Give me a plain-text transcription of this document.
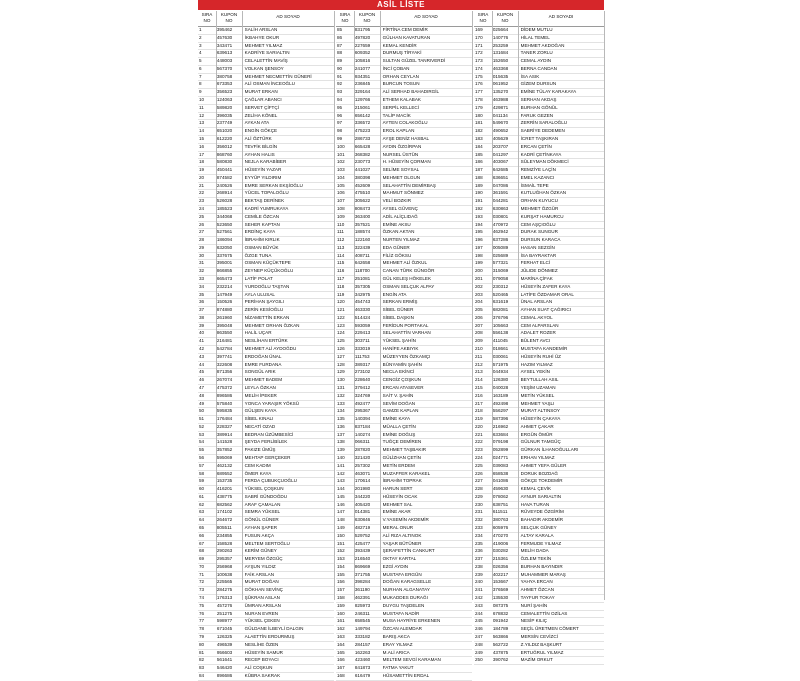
ASİL LİSTE
SIRA
NO
KUPON
NO
AD SOYAD
1	395462	SALİH ARSLAN
2	457630	İKBAHYE OKUR
3	343471	MEHMET YILMAZ
4	639613	KADRİYE SARIALTIN
5	448003	CELALETTİN MAVİŞ
6	567370	VOLKAN ŞENSOY
7	380758	MEHMET NECMETTİN GÜNERİ
8	673353	ALİ OSMAN İNCEOĞLU
9	356523	MURAT ERKAN
10	124063	ÇAĞLAR ABANCI
11	589820	SERVET ÇİFTÇİ
12	396035	ZELİHA KÖNEL
13	237749	AYKAN ATA
14	651020	ENGİN GÖKÇE
15	612220	ALİ ÖZTÜRK
16	356012	TEVFİK BİLGİN
17	868760	AYHAN HALIS
18	580830	NEJLA KARABİBER
19	450441	HÜSEYİN YAZAR
20	874582	EYYÜP YILDIRIM
21	240526	EMRE SERKAN EKŞİOĞLU
22	268914	YÜCEL TOPALOĞLU
23	526028	BEKTAŞ DERİNEK
24	185523	KADRİ YUMRUKAYA
25	344068	CEMİLE ÖZCAN
26	523650	SEHER KAPTAN
27	527561	ERDİNÇ KAYA
28	186094	İBRAHİM KIRLIK
29	632050	OSMAN BÜYÜK
30	337675	ÖZGE TUNA
31	395001	OSMAN KÜÇÜKTEPE
32	866855	ZEYNEP KÜÇÜKOĞLU
33	665473	LATİF POLAT
34	232214	YURDOĞLU TAŞTAN
35	147949	AYLA ULUSAL
36	150526	PERİHAN ŞAYGILI
37	874880	ZERİN KESİOĞLU
38	261960	NİZAMETTİN ERKAN
39	395048	MEHMET ORHAN ÖZKAN
40	863550	HALİL UÇAR
41	216481	NESLİHAN ERTÜRK
42	542784	MEHMET ALİ AYDOĞDU
43	397741	ERDOĞAN ÜNAL
44	322608	EMRE FURDANA
45	871356	SONGÜL ARIK
46	267074	MEHMET BADEM
47	475372	LEYLA ÖZKAN
48	896586	MELİH İPEKER
49	575840	YONCA YARAŞIR YÖKSÜ
50	595835	GÜLŞEN KAYA
51	176484	SİBEL KINALI
52	228327	NECATİ OZAD
53	389914	BEDRAN ÜZÜMBESİCİ
54	141528	ŞEYDA FERLİBİLEK
55	357852	PAKIZE ÜMÜŞ
56	595069	MEHTAP GERÇEKER
57	462132	CEM KADIM
58	689552	ÖMER KAYA
59	153735	FERDA ÇUBUKÇUOĞLU
60	416201	YÜKSEL ÇOŞKUN
61	438775	SABRİ GÜNDOĞDU
62	682562	ARAF ÇAMALAN
63	174102	SEMRA YÜKSEL
64	264672	GÖNÜL GÜNER
65	805511	AYHAN ŞAPER
66	234855	FUSUN AKÇA
67	158528	MELTEM SERTOĞLU
68	290263	KERİM GÜNEY
69	295357	MERYEM ÖZGÜÇ
70	256968	AYŞUN YILDIZ
71	100638	FAİK ARSLAN
72	225565	MURAT DOĞAN
73	284275	GÖKHAN SEVİNÇ
74	176313	ŞÜKRAN ASLAN
75	457276	ÜMRAN ARSLAN
76	251275	NURAN EVREN
77	598977	YÜKSEL ÇEKEN
78	671045	GÜLDANE İLBEYLİ DALGIN
79	126325	ALAETTİN ERDURMUŞ
80	496539	NESLİHE ÖZEN
81	956603	HÜSEYİN SAMUR
82	561641	RECEP BOYACI
83	546420	ALİ COŞKUN
84	896686	KÜBRA SAKRAK
SIRA
NO
KUPON
NO
AD SOYAD
85	831795	FİRTİNA CEM DEMİR
86	497820	GÜLHAN KAVATURAN
87	227659	KEMAL KENDİR
88	609352	DURMUŞ TİRYAKİ
89	105816	SULTAN GÜZEL TANRIVERDİ
90	241077	İNCİ ÇOBAN
91	934351	ORHAN CEYLAN
92	236845	BURCUN TOSUN
93	329164	ALİ SERHAD BAHADIRGİL
94	129766	ETHEM KALABAK
95	215061	SERPİL KELLECİ
96	656142	TALİP MACİK
97	336572	AYTEN COLAKOĞLU
98	475223	EROL KAPLAN
99	286733	AYŞE DENİZ HASBAL
100	665428	AYDIN ÖZGİRPAN
101	368382	NURSEL ÜSTÜN
102	230773	H. HÜSEYİN ÇORMAN
103	441027	SELİME SOYSAL
104	380398	MEHMET OLGUN
105	452609	SELAHATTİN DEMİRBAŞ
106	475510	MAHMUT SÖNMEZ
107	305622	VELİ BOZKIR
108	808473	AYSEL GÜVENÇ
109	363400	ADİL ALİÇLIDAĞ
110	357521	EMİNE AKSU
111	188574	ÖZKAN AKTAN
112	122160	NURTEN YILMAZ
113	322439	EDA GÜNER
114	408711	FİLİZ GÖKSU
115	642658	MEHMET ALİ ÖZKUL
116	118700	CANAN TÜRK GÜNGÖR
117	251081	GÜL KELEŞ HÖKELEK
118	357305	OSMAN SELÇUK ALPAY
119	342975	ENGİN ATA
120	454743	SERKAN ERMİŞ
121	463330	SİBEL GÜNER
122	514424	SİBEL DAŞKIN
123	593059	FERİDUN PORTAKAL
124	229413	SELAHATTİN VARHAN
125	303711	YÜKSEL ŞAHİN
126	333019	HANİFE AKBIYIK
127	111753	MÜZEYYEN ÖZKAMÇI
128	389317	BÜNYAMİN ŞAHİN
129	273102	NECLA EKİNCİ
130	228640	CENGİZ ÇOŞKUN
131	379412	ERCAN ATASEVER
132	324769	SAİT V. ŞAHİN
133	492477	SEVİM DOĞAN
134	295367	GAMZE KAPLAN
135	140394	EMİNE KAYA
136	837184	MÜALLA ÇETİN
137	140274	EMİNE DOĞUŞ
138	066311	TUĞÇE DEMİREN
139	287820	MEHMET TAŞBAKIR
140	321420	GÜLİZHAN ÇETİN
141	257302	METİN ERDEM
142	463071	MUZAFFER KARAKEL
143	170614	İBRAHİM TOPRAK
144	201980	HARUN SERT
145	344220	HÜSEYİN OCAK
146	405420	MEHMET SAL
147	014381	EMİNE AKAR
148	630846	V.YASEMİN AKDEMİR
149	482719	MERAL ONUR
150	529752	ALİ RIZA ALTINOK
151	425477	YAŞAR BÜTÜNER
152	393439	ŞERAFETTİN CANKURT
153	216540	OKTAY KARTAL
154	869669	EZGİ AYDIN
155	371755	MUSTAFA ERGÜN
156	398284	DOĞAN KARAGSELLE
157	361190	NURHAN ALGANATAY
158	462391	MUKADDES DURAĞI
159	825973	DUYGU TAŞDELEN
160	246311	MUSTAFA NADİR
161	658545	MUSA HAYRİYE ERKENEN
162	149794	ÖZCAN ALEMDAR
163	333182	BARIŞ AKCA
164	284157	ERAY YILMAZ
165	162263	M.ALİ ARICA
166	423460	MELTEM SEVGİ KARAMAN
167	841873	FATMA YAKUT
168	616479	HÜSAMETTİN ERDAL
SIRA
NO
KUPON
NO
AD SOYADI
169	025664	DİDEM MUTLU
170	140776	HİLAL TEMEL
171	253259	MEHMET AKDOĞAN
172	131684	TANER ZORLU
173	152650	CEMAL AYDIN
174	463368	BERNA CANDAN
175	015635	İSA ASIK
176	061952	GİZEM DURSUN
177	135270	EMİNE TÜLAY KARAKAYA
178	463988	SERHAN AKDAŞ
179	429871	BURHAN GÖNÜL
180	041134	FARUK GEZEN
181	549670	ZERRİN SARALOĞLU
182	490652	SABRİYE DEDEMEN
183	405629	İCRET TAŞKIRAN
184	203707	ERCAN ÇETİN
185	041297	KADRİ ÇETİNKAYA
186	403067	SÜLEYMAN DÖKMECİ
187	642685	REMZİYE LAÇİN
188	636651	EMEL KAZANCI
189	047086	İSMAİL TEPE
190	361591	KUTLUĞHAN ÖZKAN
191	044281	ORHAN KUYUCU
192	630863	MEHMET ÖZGÜR
193	030801	KURŞAT HAMURCU
194	470972	CEM AŞÇIOĞLU
195	462942	DURAK SUNGUR
196	637286	DURSUN KARACA
197	005089	HASAN SEZGİN
198	025689	İSA BAYRAKTAR
199	577321	FERHAT ELCİ
200	315069	JÜLIDE DÖNMEZ
201	079058	MARİNA ÇİFAK
202	230312	HÜSEYİN ZAFER KAYA
203	520465	LATİFE ÖZDAMAR ORAL
204	631619	ÜNAL ARSLAN
205	682081	AYHAN SUAT ÇAĞIRICI
206	376796	CEMAL AKYOL
207	105663	CEM ALPARSLAN
208	556138	ADALET ROZER
209	411045	BÜLENT AVCI
210	018661	MUSTAFA KANDEMİR
211	030061	HÜSEYİN RUHİ ÜZ
212	571975	HAZIM YILMAZ
213	044934	AYSEL YEKİN
214	126380	BEYTULLAH ASIL
215	040028	YEŞİM UZAMAN
216	163189	METİN YÜKSEL
217	492498	MEHMET YAŞLI
218	556297	MURAT ALTINSOY
219	587396	HÜSEYİN ÇAKAYA
220	216962	AHMET ÇAKAR
221	633684	ERGÜN ÖMÜR
222	079198	GÜLNUR TAMGÜÇ
223	052899	GÜRKAN İLHANOĞULLARI
224	024771	ERHAN YILMAZ
225	039083	AHMET YEFA GÜLER
226	658538	DORUK BOZDAĞ
227	041086	GÖKÇE TOKDEMİR
228	459630	KEMAL ÇEVİK
229	078062	AYNUR SARIALTIN
230	638751	HAVA TURAN
231	611511	RÜVEYDE ÖZGİRİM
232	380763	BAHADIR AKDEMİR
233	605976	SELÇUK GÜNEY
234	470270	ALTAY KARALA
235	419006	FERMUDE YILMAZ
236	030282	MELİH DADA
237	215361	ÖZLEM TEKİN
238	026356	BURHAN BAYINDIR
239	402217	MUHAMMER MARAŞ
240	153667	YAHYA ERCAN
241	376569	AHMET ÖZCAN
242	135530	TAYFUR TOKAY
243	087375	NURİ ŞAHİN
244	678832	CEMALETTİN OZİLAS
245	091942	NESİP KILIÇ
246	184789	SEÇİL ÜRETMEN CÖMERT
247	563866	MERSİN CEVİZCİ
248	562722	Z.YILDIZ BAŞKURT
249	437875	ERTUĞRUL YILMAZ
250	390762	MAZİM ORKUT
